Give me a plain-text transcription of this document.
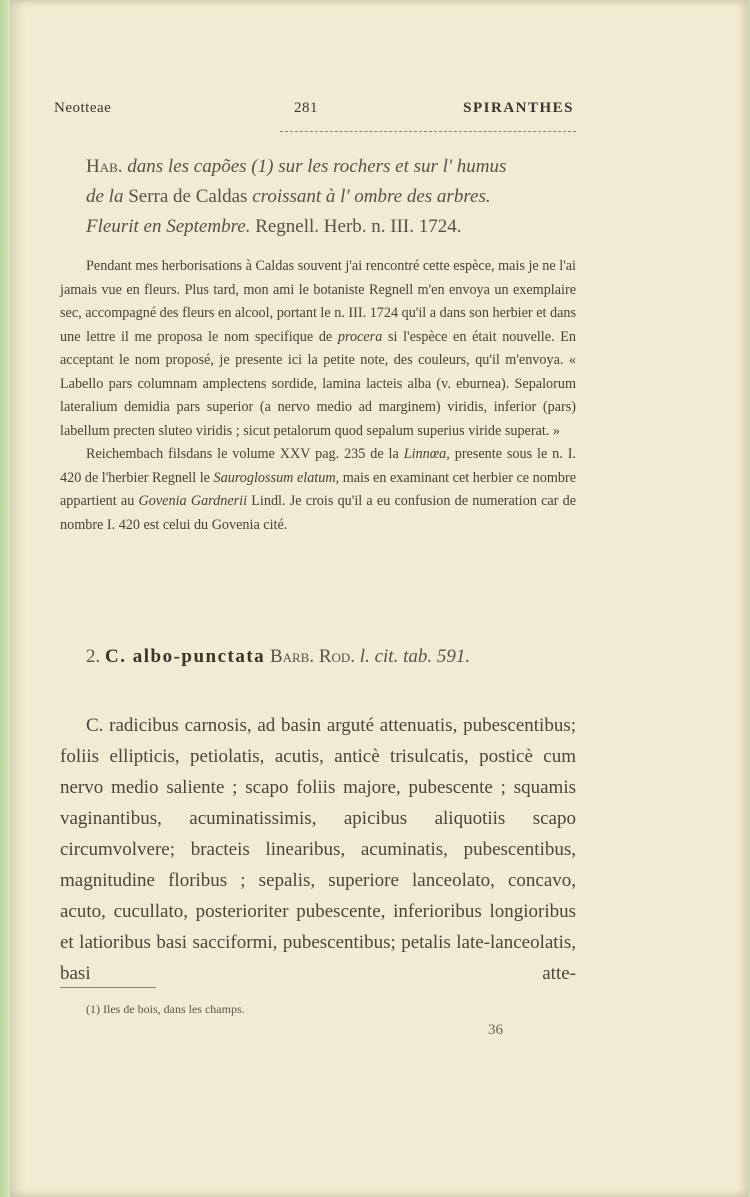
Neotteae	281	SPIRANTHES

Hab. dans les capões (1) sur les rochers et sur l' humus

de la Serra de Caldas croissant à l' ombre des arbres.

Fleurit en Septembre. Regnell. Herb. n. III. 1724.

Pendant mes herborisations à Caldas souvent j'ai rencontré cette espèce, mais je ne l'ai jamais vue en fleurs. Plus tard, mon ami le botaniste Regnell m'en envoya un exemplaire sec, accompagné des fleurs en alcool, portant le n. III. 1724 qu'il a dans son herbier et dans une lettre il me proposa le nom specifique de procera si l'espèce en était nouvelle. En acceptant le nom proposé, je presente ici la petite note, des couleurs, qu'il m'envoya. « Labello pars columnam amplectens sordide, lamina lacteis alba (v. eburnea). Sepalorum lateralium demidia pars superior (a nervo medio ad marginem) viridis, inferior (pars) labellum precten sluteo viridis ; sicut petalorum quod sepalum superius viride superat. »

Reichembach filsdans le volume XXV pag. 235 de la Linnœa, presente sous le n. I. 420 de l'herbier Regnell le Sauroglossum elatum, mais en examinant cet herbier ce nombre appartient au Govenia Gardnerii Lindl. Je crois qu'il a eu confusion de numeration car de nombre I. 420 est celui du Govenia cité.

2. C. albo-punctata Barb. Rod. l. cit. tab. 591.

C. radicibus carnosis, ad basin arguté attenuatis, pubescentibus; foliis ellipticis, petiolatis, acutis, anticè trisulcatis, posticè cum nervo medio saliente ; scapo foliis majore, pubescente ; squamis vaginantibus, acuminatissimis, apicibus aliquotiis scapo circumvolvere; bracteis linearibus, acuminatis, pubescentibus, magnitudine floribus ; sepalis, superiore lanceolato, concavo, acuto, cucullato, posterioriter pubescente, inferioribus longioribus et latioribus basi sacciformi, pubescentibus; petalis late-lanceolatis, basi atte-

(1) Iles de bois, dans les champs.
36
